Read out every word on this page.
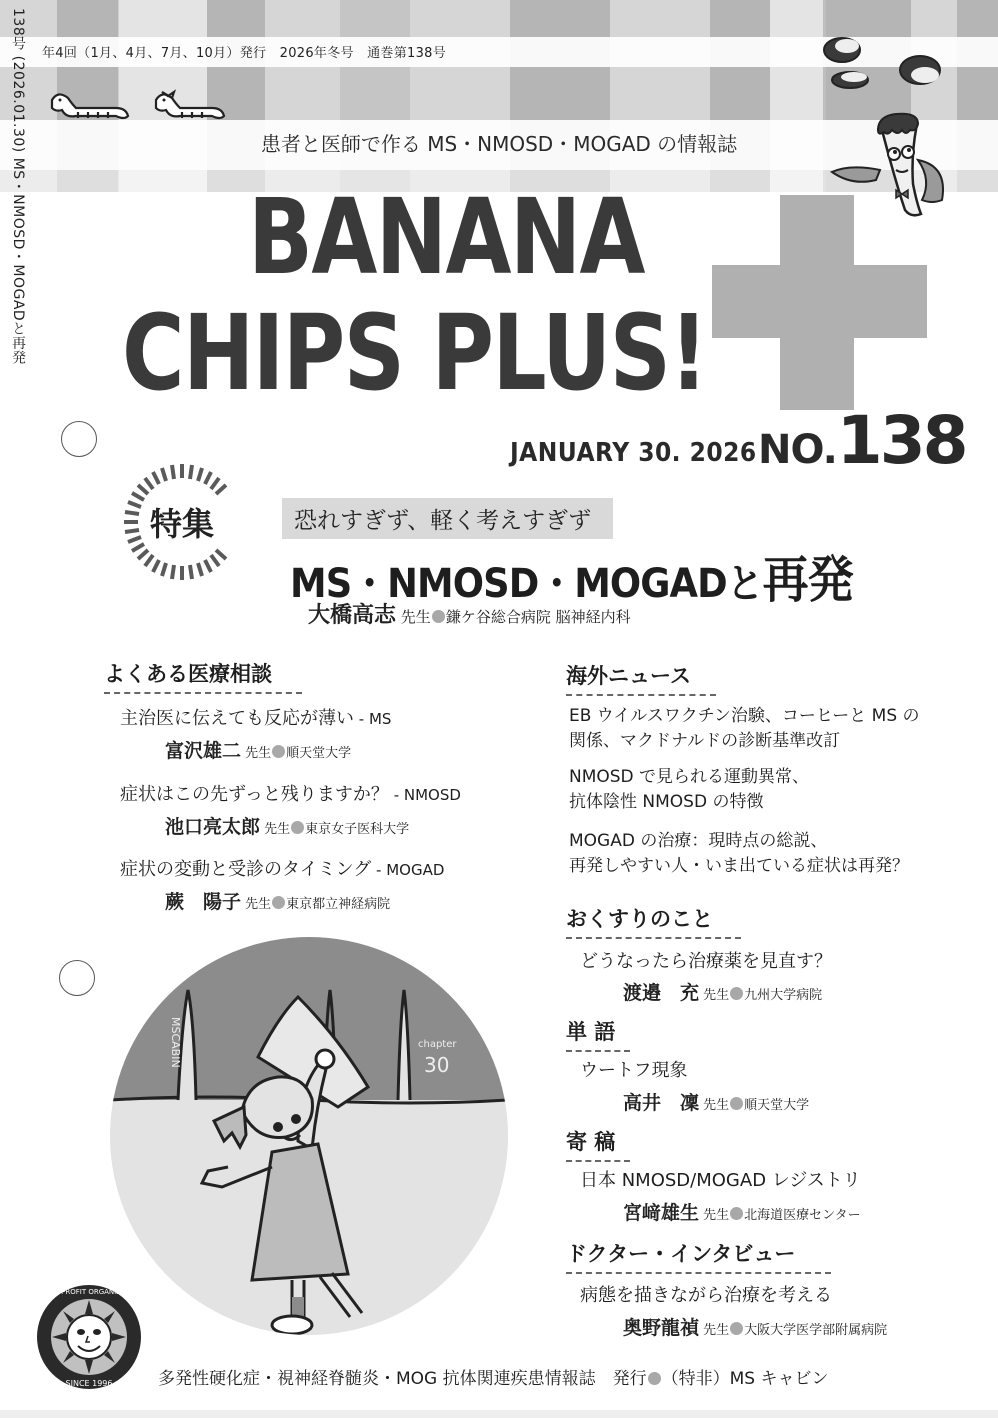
138号 (2026.01.30) MS・NMOSD・MOGADと再発 年4回（1月、4月、7月、10月）発行　2026年冬号　通巻第138号
患者と医師で作る MS・NMOSD・MOGAD の情報誌
BANANA
CHIPS PLUS!
JANUARY 30. 2026 NO.138
特集	恐れすぎず、軽く考えすぎず
MS・NMOSD・MOGADと再発
大橋高志 先生 鎌ケ谷総合病院 脳神経内科
よくある医療相談
主治医に伝えても反応が薄い - MS
富沢雄二 先生 順天堂大学
症状はこの先ずっと残りますか？ - NMOSD
池口亮太郎 先生 東京女子医科大学
症状の変動と受診のタイミング - MOGAD
蕨　陽子 先生 東京都立神経病院
海外ニュース
EB ウイルスワクチン治験、コーヒーと MS の
関係、マクドナルドの診断基準改訂
NMOSD で見られる運動異常、
抗体陰性 NMOSD の特徴
MOGAD の治療：現時点の総説、
再発しやすい人・いま出ている症状は再発？
おくすりのこと
どうなったら治療薬を見直す？
渡邉　充 先生 九州大学病院
単 語
ウートフ現象
高井　凜 先生 順天堂大学
寄 稿
日本 NMOSD/MOGAD レジストリ
宮﨑雄生 先生 北海道医療センター
ドクター・インタビュー
病態を描きながら治療を考える
奥野龍禎 先生 大阪大学医学部附属病院
MSCABIN	chapter
30
A NON-PROFIT ORGANIZATION
SINCE 1996	多発性硬化症・視神経脊髄炎・MOG 抗体関連疾患情報誌　発行 （特非）MS キャビン
